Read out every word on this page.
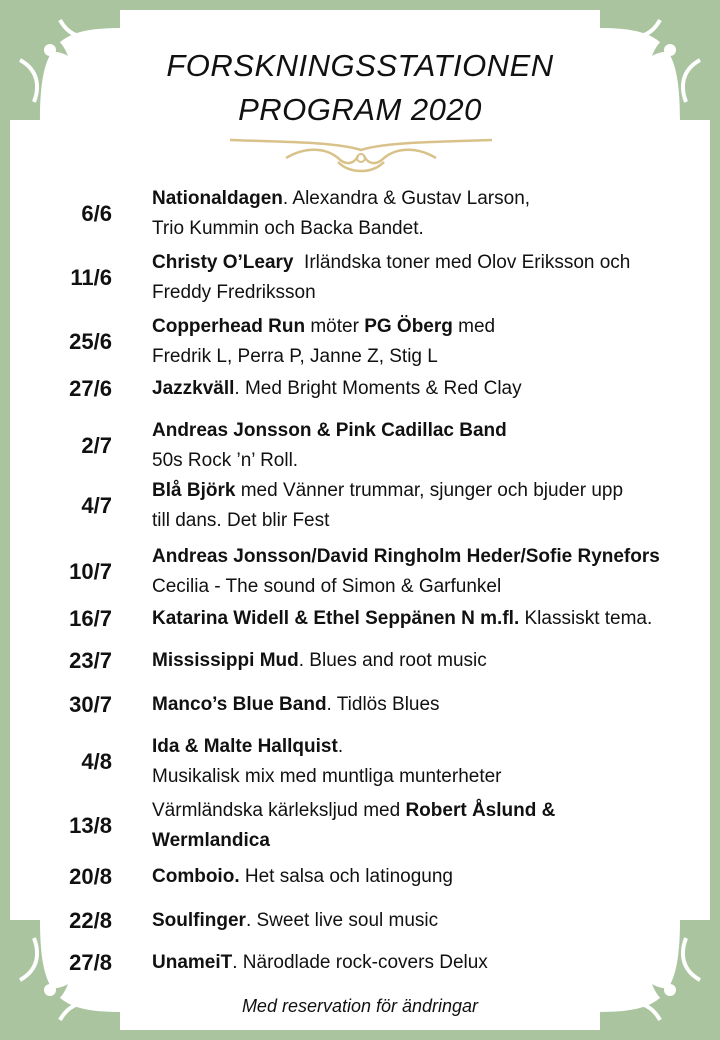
FORSKNINGSSTATIONEN
PROGRAM 2020
6/6
Nationaldagen. Alexandra & Gustav Larson,
Trio Kummin och Backa Bandet.
11/6
Christy O’Leary  Irländska toner med Olov Eriksson och
Freddy Fredriksson
25/6
Copperhead Run möter PG Öberg med
Fredrik L, Perra P, Janne Z, Stig L
27/6 Jazzkväll. Med Bright Moments & Red Clay
2/7
Andreas Jonsson & Pink Cadillac Band
50s Rock ’n’ Roll.
4/7
Blå Björk med Vänner trummar, sjunger och bjuder upp
till dans. Det blir Fest
10/7
Andreas Jonsson/David Ringholm Heder/Sofie Rynefors
Cecilia - The sound of Simon & Garfunkel
16/7 Katarina Widell & Ethel Seppänen N m.fl. Klassiskt tema.
23/7 Mississippi Mud. Blues and root music
30/7 Manco’s Blue Band. Tidlös Blues
4/8
Ida & Malte Hallquist.
Musikalisk mix med muntliga munterheter
13/8
Värmländska kärleksljud med Robert Åslund &
Wermlandica
20/8 Comboio. Het salsa och latinogung
22/8 Soulfinger. Sweet live soul music
27/8 UnameiT. Närodlade rock-covers Delux
Med reservation för ändringar
